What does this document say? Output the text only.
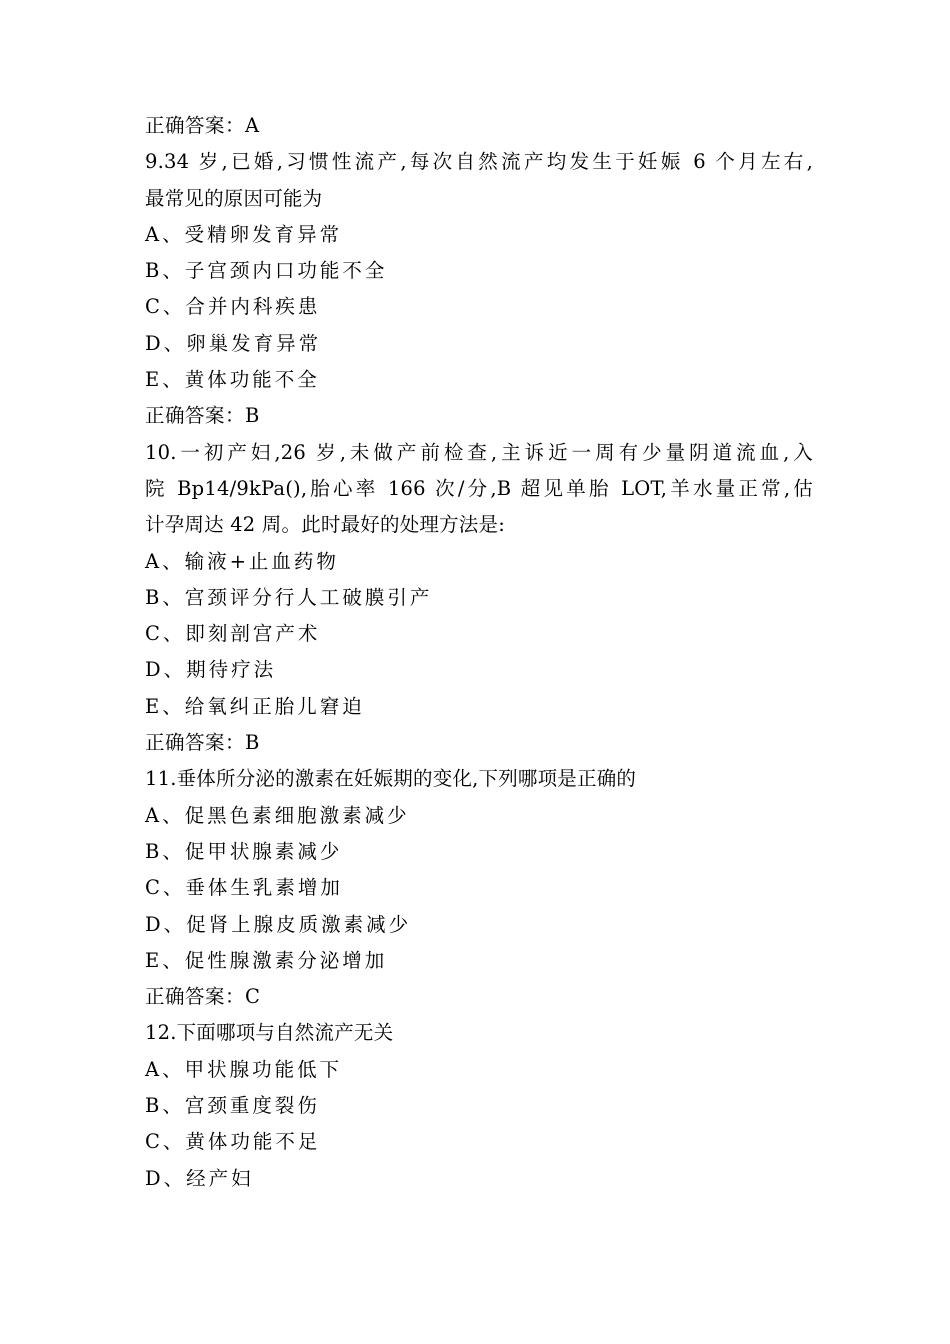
正确答案：A
9.34 岁,已婚,习惯性流产,每次自然流产均发生于妊娠 6 个月左右,
最常见的原因可能为
A、受精卵发育异常
B、子宫颈内口功能不全
C、合并内科疾患
D、卵巢发育异常
E、黄体功能不全
正确答案：B
10.一初产妇,26 岁,未做产前检查,主诉近一周有少量阴道流血,入
院 Bp14/9kPa(),胎心率 166 次/分,B 超见单胎 LOT,羊水量正常,估
计孕周达 42 周。此时最好的处理方法是:
A、输液+止血药物
B、宫颈评分行人工破膜引产
C、即刻剖宫产术
D、期待疗法
E、给氧纠正胎儿窘迫
正确答案：B
11.垂体所分泌的激素在妊娠期的变化,下列哪项是正确的
A、促黑色素细胞激素减少
B、促甲状腺素减少
C、垂体生乳素增加
D、促肾上腺皮质激素减少
E、促性腺激素分泌增加
正确答案：C
12.下面哪项与自然流产无关
A、甲状腺功能低下
B、宫颈重度裂伤
C、黄体功能不足
D、经产妇
